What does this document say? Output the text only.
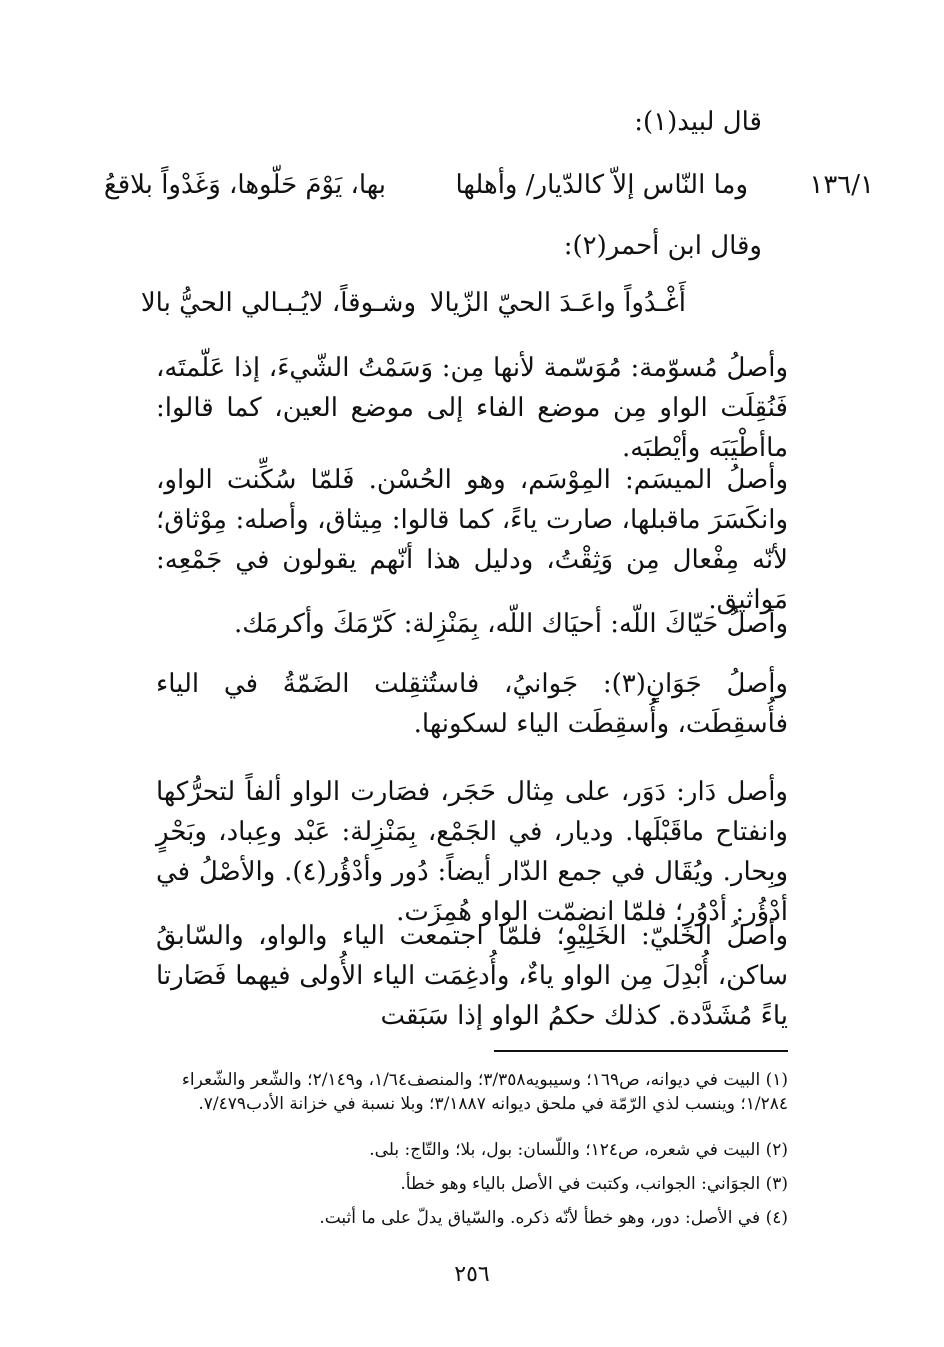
قال لبيد(١):
١٣٦/١
وما النّاس إلاّ كالدّيار/ وأهلها
بها، يَوْمَ حَلّوها، وَغَدْواً بلاقعُ
وقال ابن أحمر(٢):
أَغْـدُواً واعَـدَ الحيّ الزّيالا
وشـوقاً، لايُـبـالي الحيُّ بالا
وأصلُ مُسوّمة: مُوَسّمة لأنها مِن: وَسَمْتُ الشّيءَ، إذا عَلّمتَه، فَنُقِلَت الواو مِن موضع الفاء إلى موضع العين، كما قالوا: ماأطْيَبَه وأيْطبَه.
وأصلُ الميسَم: المِوْسَم، وهو الحُسْن. فَلمّا سُكِّنت الواو، وانكَسَرَ ماقبلها، صارت ياءً، كما قالوا: مِيثاق، وأصله: مِوْثاق؛ لأنّه مِفْعال مِن وَثِقْتُ، ودليل هذا أنّهم يقولون في جَمْعِه: مَواثيق.
وأصلُ حَيّاكَ اللّه: أحيَاك اللّه، بِمَنْزِلة: كَرّمَكَ وأكرمَك.
وأصلُ جَوَانٍ(٣): جَوانيُ، فاستُثقِلت الضَمّةُ في الياء فأُسقِطَت، وأُسقِطَت الياء لسكونها.
وأصل دَار: دَوَر، على مِثال حَجَر، فصَارت الواو ألفاً لتحرُّكها وانفتاح ماقَبْلَها. وديار، في الجَمْع، بِمَنْزِلة: عَبْد وعِباد، وبَحْرٍ وبِحار. ويُقَال في جمع الدّار أيضاً: دُور وأدْؤُر(٤). والأصْلُ في أدْؤُر: أدْوُر؛ فلمّا انضمّت الواو هُمِزَت.
وأصلُ الخَليّ: الخَلِيْوِ؛ فلمّا اجتمعت الياء والواو، والسّابقُ ساكن، أُبْدِلَ مِن الواو ياءٌ، وأُدغِمَت الياء الأُولى فيهما فَصَارتا ياءً مُشَدَّدة. كذلك حكمُ الواو إذا سَبَقت
(١) البيت في ديوانه، ص١٦٩؛ وسيبويه٣/٣٥٨؛ والمنصف١/٦٤، و٢/١٤٩؛ والشّعر والشّعراء ١/٢٨٤؛ وينسب لذي الرّمّة في ملحق ديوانه ٣/١٨٨٧؛ وبلا نسبة في خزانة الأدب٧/٤٧٩.
(٢) البيت في شعره، ص١٢٤؛ واللّسان: بول، بلا؛ والتّاج: بلى.
(٣) الجوَاني: الجوانب، وكتبت في الأصل بالياء وهو خطأ.
(٤) في الأصل: دور، وهو خطأ لأنّه ذكره. والسّياق يدلّ على ما أثبت.
٢٥٦
